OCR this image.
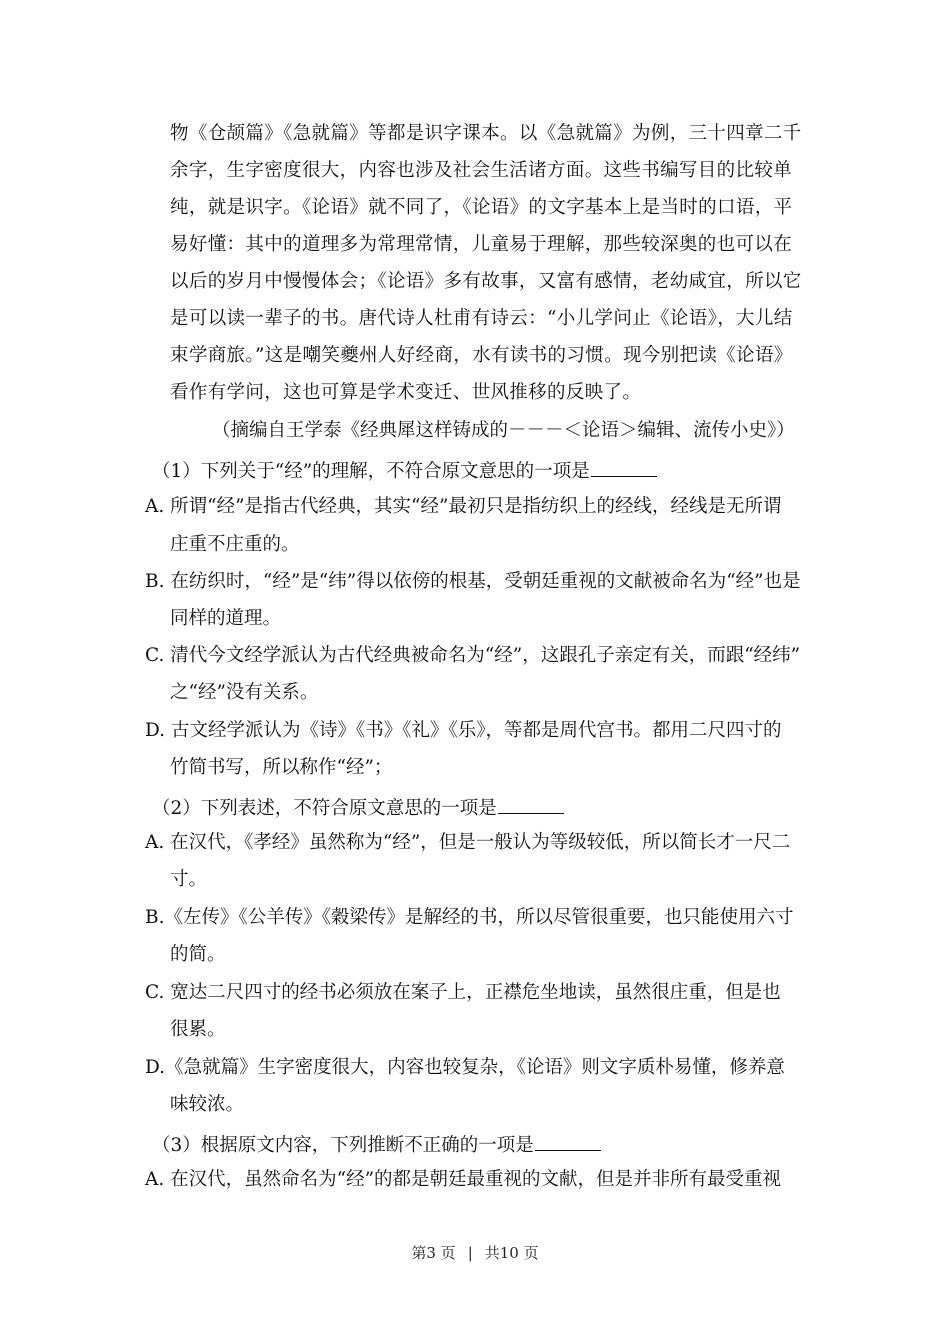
物《仓颉篇》《急就篇》等都是识字课本。以《急就篇》为例，三十四章二千
余字，生字密度很大，内容也涉及社会生活诸方面。这些书编写目的比较单
纯，就是识字。《论语》就不同了，《论语》的文字基本上是当时的口语，平
易好懂：其中的道理多为常理常情，儿童易于理解，那些较深奥的也可以在
以后的岁月中慢慢体会；《论语》多有故事，又富有感情，老幼咸宜，所以它
是可以读一辈子的书。唐代诗人杜甫有诗云：“小儿学问止《论语》，大儿结
束学商旅。”这是嘲笑夔州人好经商，水有读书的习惯。现今别把读《论语》
看作有学问，这也可算是学术变迁、世风推移的反映了。
（摘编自王学泰《经典犀这样铸成的－－－＜论语＞编辑、流传小史》）
（1）下列关于“经”的理解，不符合原文意思的一项是
A. 所谓“经”是指古代经典，其实“经”最初只是指纺织上的经线，经线是无所谓
庄重不庄重的。
B. 在纺织时，“经”是“纬”得以依傍的根基，受朝廷重视的文献被命名为“经”也是
同样的道理。
C. 清代今文经学派认为古代经典被命名为“经”，这跟孔子亲定有关，而跟“经纬”
之“经”没有关系。
D. 古文经学派认为《诗》《书》《礼》《乐》，等都是周代宫书。都用二尺四寸的
竹简书写，所以称作“经”；
（2）下列表述，不符合原文意思的一项是
A. 在汉代，《孝经》虽然称为“经”，但是一般认为等级较低，所以简长才一尺二
寸。
B.《左传》《公羊传》《穀梁传》是解经的书，所以尽管很重要，也只能使用六寸
的简。
C. 宽达二尺四寸的经书必须放在案子上，正襟危坐地读，虽然很庄重，但是也
很累。
D.《急就篇》生字密度很大，内容也较复杂，《论语》则文字质朴易懂，修养意
味较浓。
（3）根据原文内容，下列推断不正确的一项是
A. 在汉代，虽然命名为“经”的都是朝廷最重视的文献，但是并非所有最受重视
第3 页 | 共10 页
